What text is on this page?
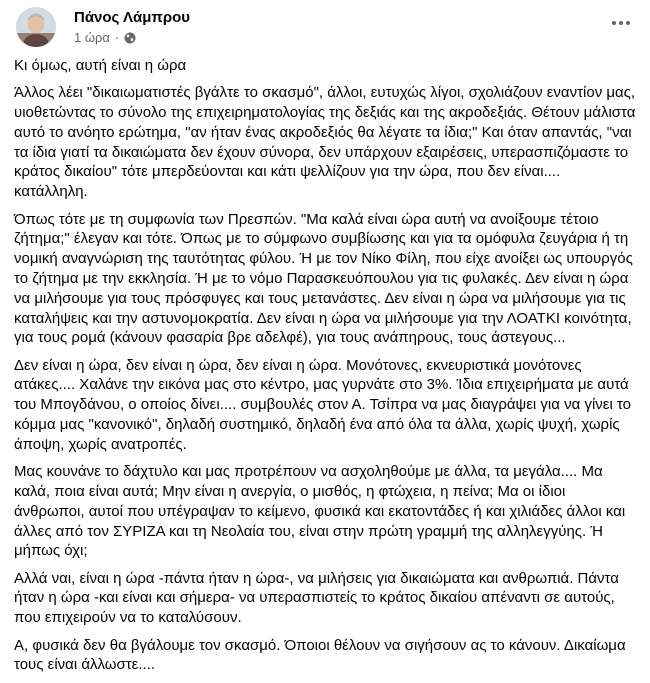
Πάνος Λάμπρου
1 ώρα ·

Κι όμως, αυτή είναι η ώρα

Άλλος λέει "δικαιωματιστές βγάλτε το σκασμό", άλλοι, ευτυχώς λίγοι, σχολιάζουν εναντίον μας, υιοθετώντας το σύνολο της επιχειρηματολογίας της δεξιάς και της ακροδεξιάς. Θέτουν μάλιστα αυτό το ανόητο ερώτημα, "αν ήταν ένας ακροδεξιός θα λέγατε τα ίδια;" Και όταν απαντάς, "ναι τα ίδια γιατί τα δικαιώματα δεν έχουν σύνορα, δεν υπάρχουν εξαιρέσεις, υπερασπιζόμαστε το κράτος δικαίου" τότε μπερδεύονται και κάτι ψελλίζουν για την ώρα, που δεν είναι.... κατάλληλη.

Όπως τότε με τη συμφωνία των Πρεσπών. "Μα καλά είναι ώρα αυτή να ανοίξουμε τέτοιο ζήτημα;" έλεγαν και τότε. Όπως με το σύμφωνο συμβίωσης και για τα ομόφυλα ζευγάρια ή τη νομική αναγνώριση της ταυτότητας φύλου. Ή με τον Νίκο Φίλη, που είχε ανοίξει ως υπουργός το ζήτημα με την εκκλησία. Ή με το νόμο Παρασκευόπουλου για τις φυλακές. Δεν είναι η ώρα να μιλήσουμε για τους πρόσφυγες και τους μετανάστες. Δεν είναι η ώρα να μιλήσουμε για τις καταλήψεις και την αστυνομοκρατία. Δεν είναι η ώρα να μιλήσουμε για την ΛΟΑΤΚΙ κοινότητα, για τους ρομά (κάνουν φασαρία βρε αδελφέ), για τους ανάπηρους, τους άστεγους...

Δεν είναι η ώρα, δεν είναι η ώρα, δεν είναι η ώρα. Μονότονες, εκνευριστικά μονότονες ατάκες.... Χαλάνε την εικόνα μας στο κέντρο, μας γυρνάτε στο 3%. Ίδια επιχειρήματα με αυτά του Μπογδάνου, ο οποίος δίνει.... συμβουλές στον Α. Τσίπρα να μας διαγράψει για να γίνει το κόμμα μας "κανονικό", δηλαδή συστημικό, δηλαδή ένα από όλα τα άλλα, χωρίς ψυχή, χωρίς άποψη, χωρίς ανατροπές.

Μας κουνάνε το δάχτυλο και μας προτρέπουν να ασχοληθούμε με άλλα, τα μεγάλα.... Μα καλά, ποια είναι αυτά; Μην είναι η ανεργία, ο μισθός, η φτώχεια, η πείνα; Μα οι ίδιοι άνθρωποι, αυτοί που υπέγραψαν το κείμενο, φυσικά και εκατοντάδες ή και χιλιάδες άλλοι και άλλες από τον ΣΥΡΙΖΑ και τη Νεολαία του, είναι στην πρώτη γραμμή της αλληλεγγύης. Ή μήπως όχι;

Αλλά ναι, είναι η ώρα -πάντα ήταν η ώρα-, να μιλήσεις για δικαιώματα και ανθρωπιά. Πάντα ήταν η ώρα -και είναι και σήμερα- να υπερασπιστείς το κράτος δικαίου απέναντι σε αυτούς, που επιχειρούν να το καταλύσουν.

Α, φυσικά δεν θα βγάλουμε τον σκασμό. Όποιοι θέλουν να σιγήσουν ας το κάνουν. Δικαίωμα τους είναι άλλωστε....
